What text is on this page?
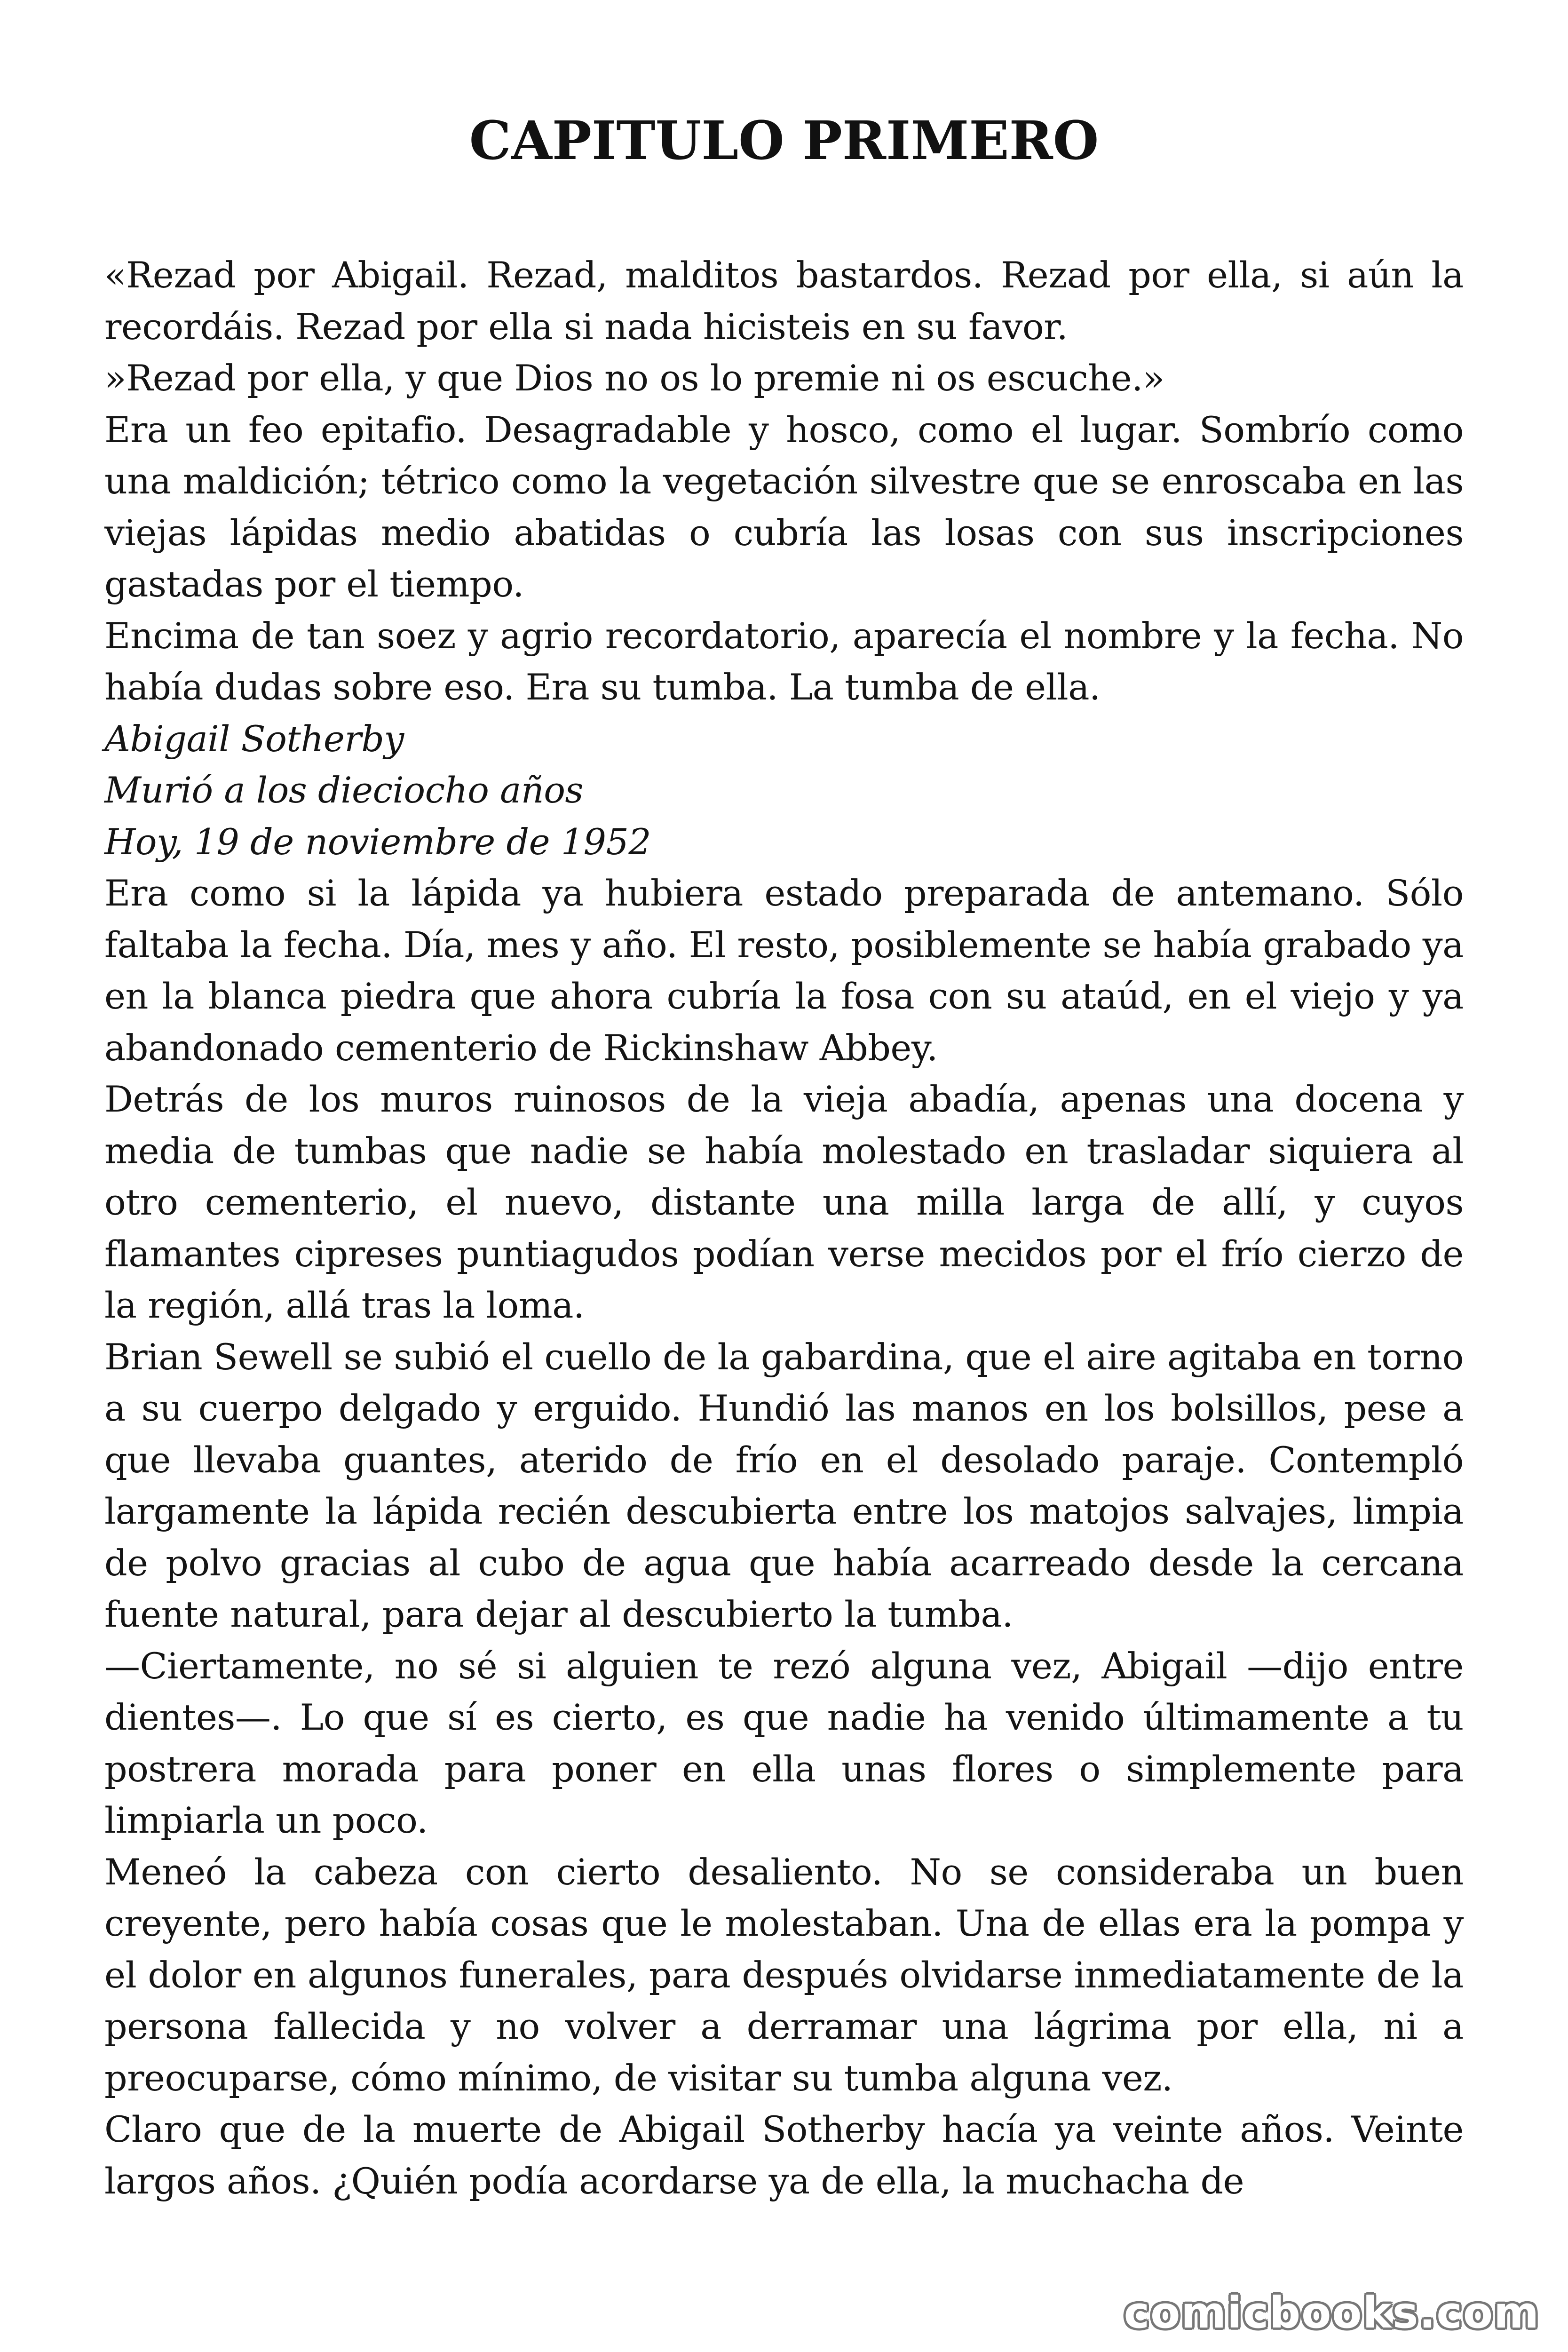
CAPITULO PRIMERO

«Rezad por Abigail. Rezad, malditos bastardos. Rezad por ella, si aún la recordáis. Rezad por ella si nada hicisteis en su favor.

»Rezad por ella, y que Dios no os lo premie ni os escuche.»

Era un feo epitafio. Desagradable y hosco, como el lugar. Sombrío como una maldición; tétrico como la vegetación silvestre que se enroscaba en las viejas lápidas medio abatidas o cubría las losas con sus inscripciones gastadas por el tiempo.

Encima de tan soez y agrio recordatorio, aparecía el nombre y la fecha. No había dudas sobre eso. Era su tumba. La tumba de ella.

Abigail Sotherby

Murió a los dieciocho años

Hoy, 19 de noviembre de 1952

Era como si la lápida ya hubiera estado preparada de antemano. Sólo faltaba la fecha. Día, mes y año. El resto, posiblemente se había grabado ya en la blanca piedra que ahora cubría la fosa con su ataúd, en el viejo y ya abandonado cementerio de Rickinshaw Abbey.

Detrás de los muros ruinosos de la vieja abadía, apenas una docena y media de tumbas que nadie se había molestado en trasladar siquiera al otro cementerio, el nuevo, distante una milla larga de allí, y cuyos flamantes cipreses puntiagudos podían verse mecidos por el frío cierzo de la región, allá tras la loma.

Brian Sewell se subió el cuello de la gabardina, que el aire agitaba en torno a su cuerpo delgado y erguido. Hundió las manos en los bolsillos, pese a que llevaba guantes, aterido de frío en el desolado paraje. Contempló largamente la lápida recién descubierta entre los matojos salvajes, limpia de polvo gracias al cubo de agua que había acarreado desde la cercana fuente natural, para dejar al descubierto la tumba.

—Ciertamente, no sé si alguien te rezó alguna vez, Abigail —dijo entre dientes—. Lo que sí es cierto, es que nadie ha venido últimamente a tu postrera morada para poner en ella unas flores o simplemente para limpiarla un poco.

Meneó la cabeza con cierto desaliento. No se consideraba un buen creyente, pero había cosas que le molestaban. Una de ellas era la pompa y el dolor en algunos funerales, para después olvidarse inmediatamente de la persona fallecida y no volver a derramar una lágrima por ella, ni a preocuparse, cómo mínimo, de visitar su tumba alguna vez.

Claro que de la muerte de Abigail Sotherby hacía ya veinte años. Veinte largos años. ¿Quién podía acordarse ya de ella, la muchacha de

comicbooks.com
